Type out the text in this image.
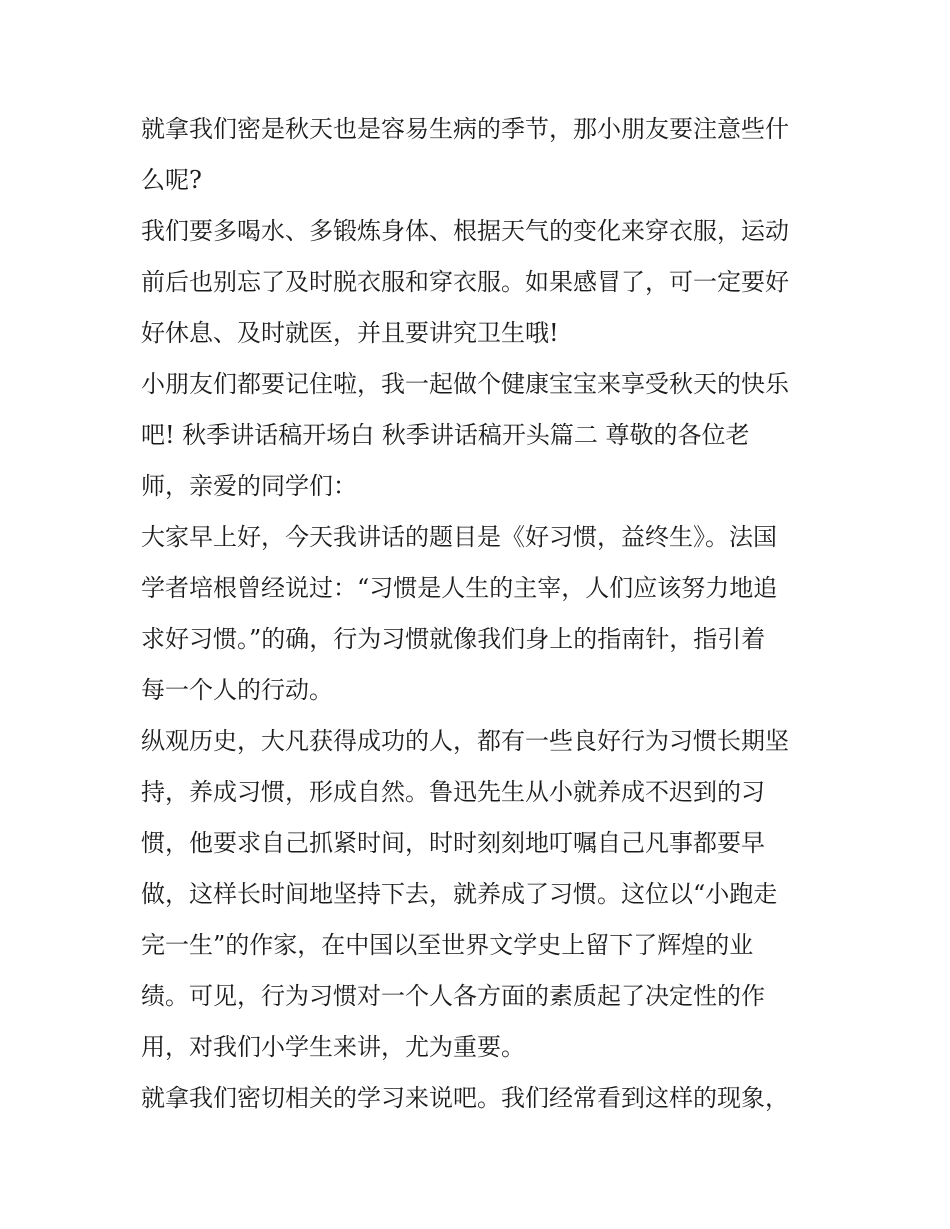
就拿我们密是秋天也是容易生病的季节，那小朋友要注意些什
么呢?
我们要多喝水、多锻炼身体、根据天气的变化来穿衣服，运动
前后也别忘了及时脱衣服和穿衣服。如果感冒了，可一定要好
好休息、及时就医，并且要讲究卫生哦!
小朋友们都要记住啦，我一起做个健康宝宝来享受秋天的快乐
吧! 秋季讲话稿开场白 秋季讲话稿开头篇二 尊敬的各位老
师，亲爱的同学们：
大家早上好，今天我讲话的题目是《好习惯，益终生》。法国
学者培根曾经说过：“习惯是人生的主宰，人们应该努力地追
求好习惯。”的确，行为习惯就像我们身上的指南针，指引着
每一个人的行动。
纵观历史，大凡获得成功的人，都有一些良好行为习惯长期坚
持，养成习惯，形成自然。鲁迅先生从小就养成不迟到的习
惯，他要求自己抓紧时间，时时刻刻地叮嘱自己凡事都要早
做，这样长时间地坚持下去，就养成了习惯。这位以“小跑走
完一生”的作家，在中国以至世界文学史上留下了辉煌的业
绩。可见，行为习惯对一个人各方面的素质起了决定性的作
用，对我们小学生来讲，尤为重要。
就拿我们密切相关的学习来说吧。我们经常看到这样的现象，
